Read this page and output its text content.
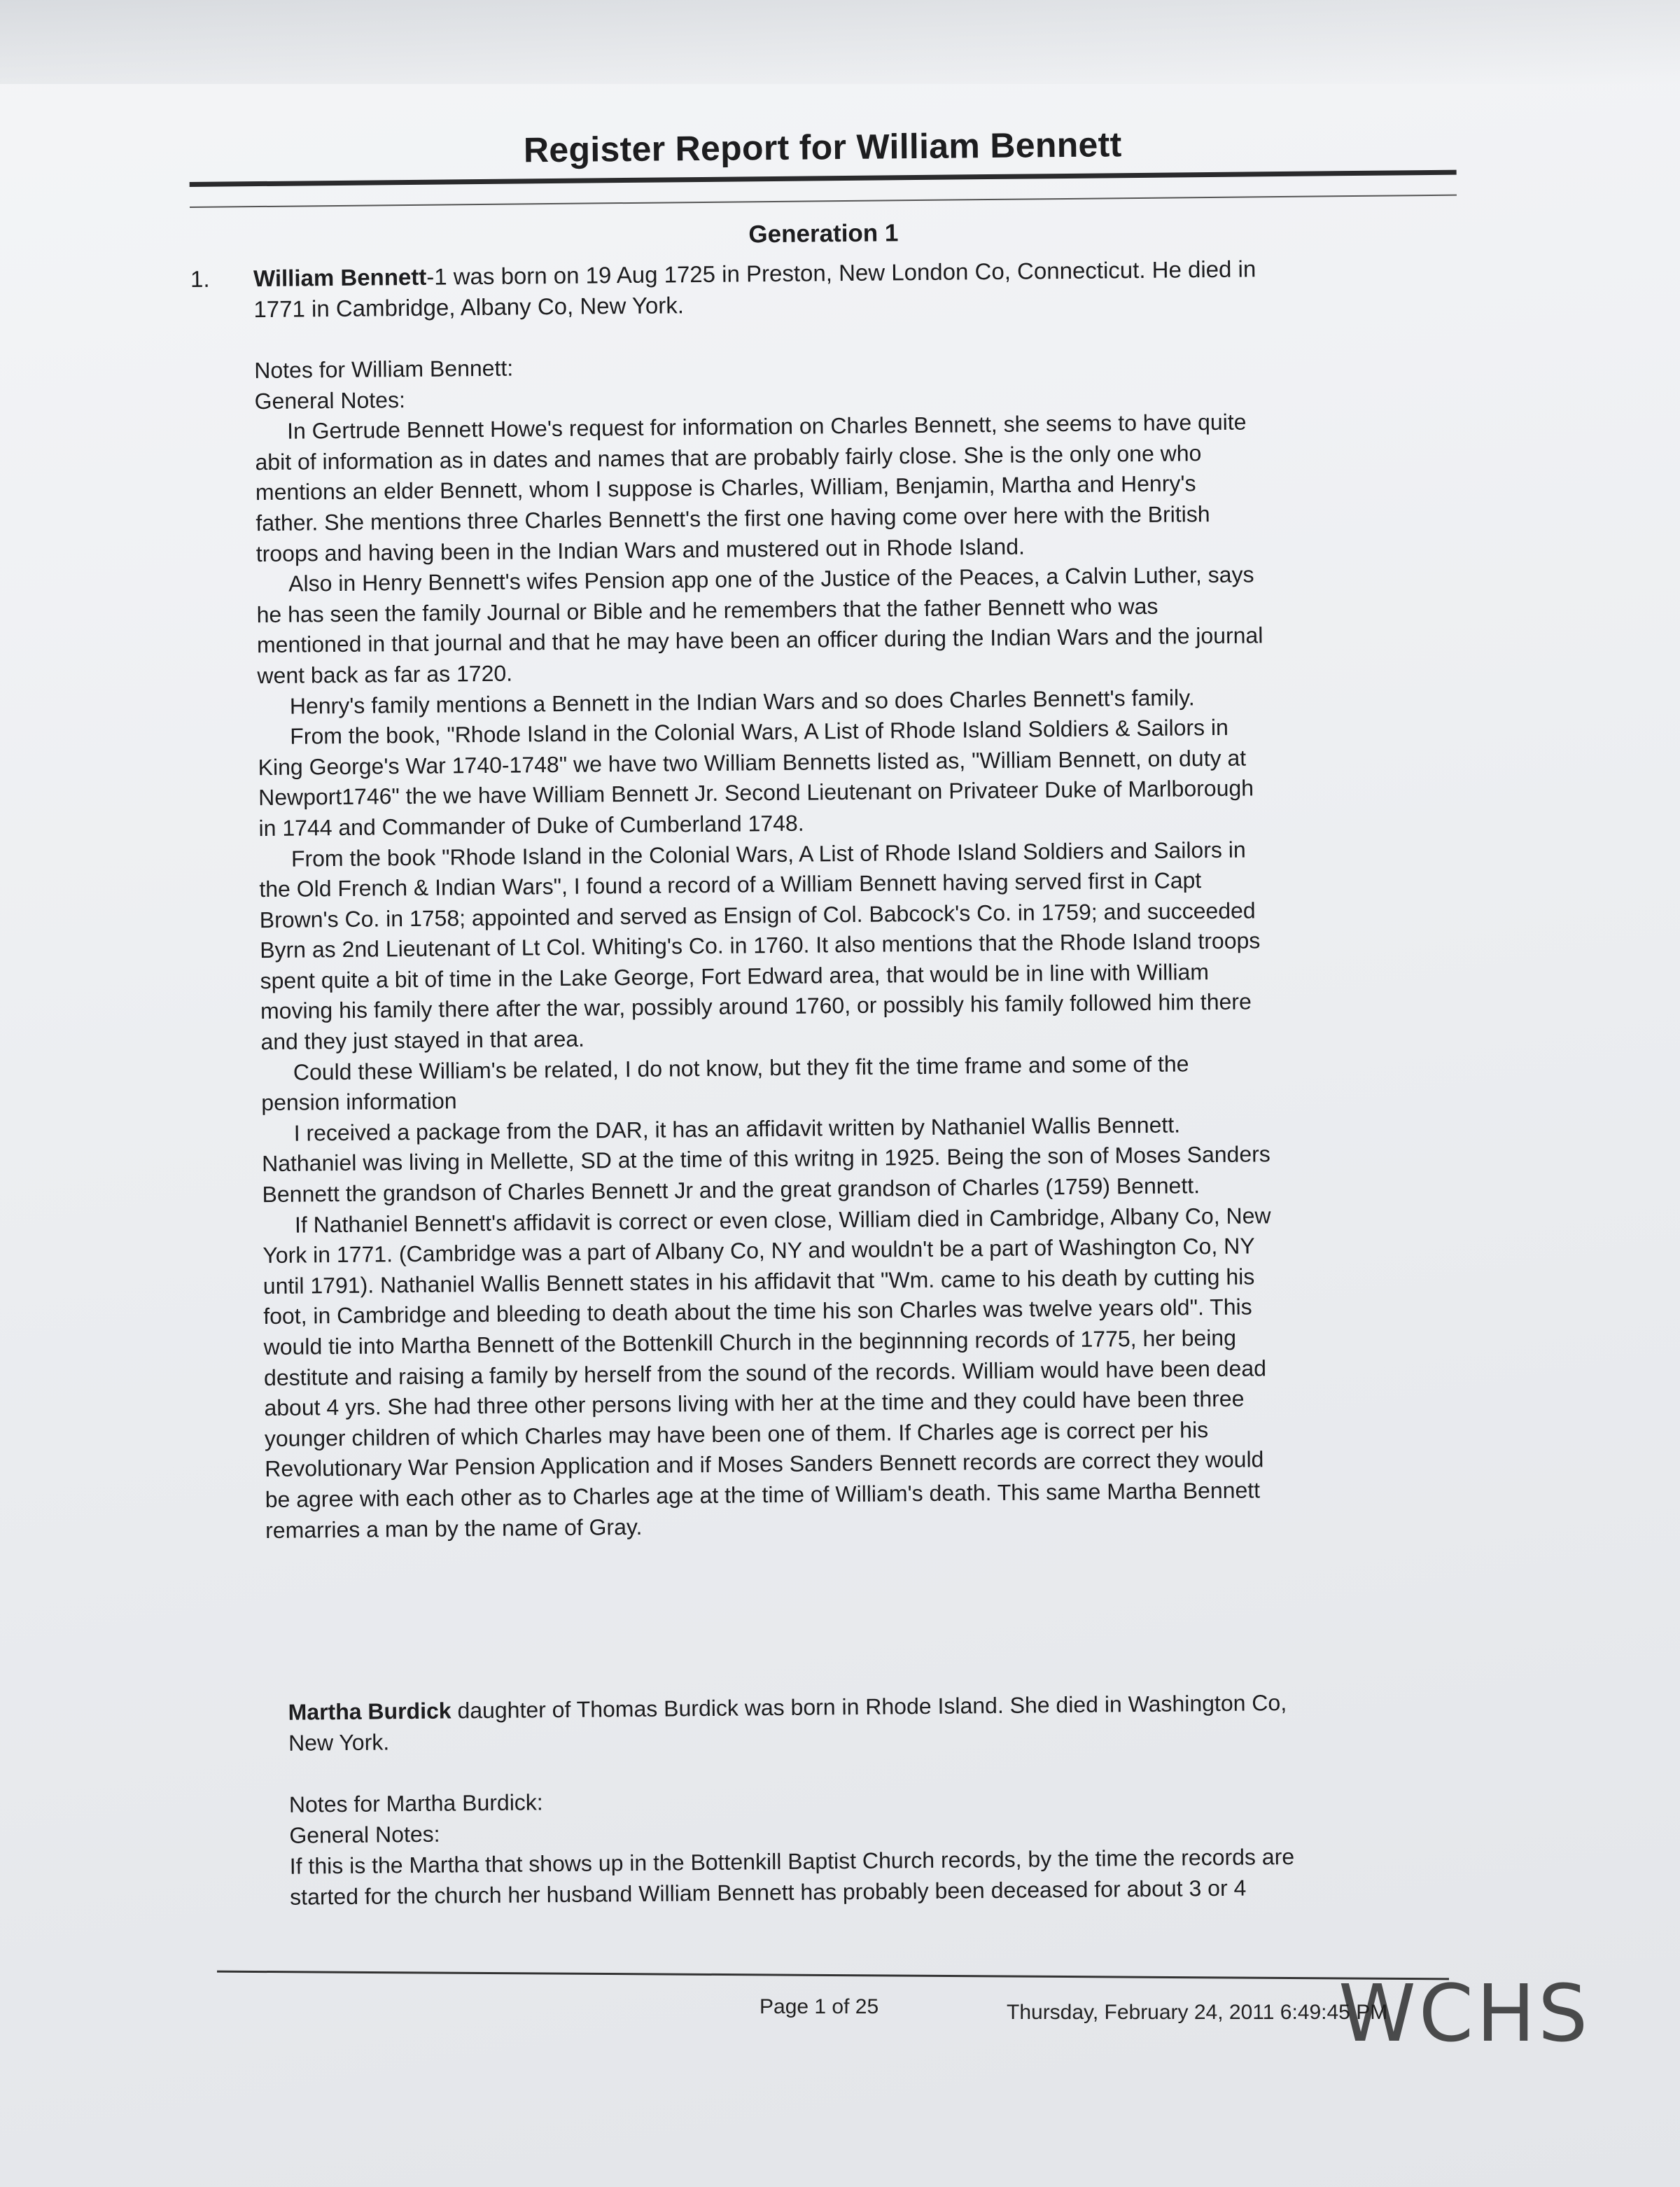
Register Report for William Bennett
Generation 1
1. William Bennett-1 was born on 19 Aug 1725 in Preston, New London Co, Connecticut. He died in
1771 in Cambridge, Albany Co, New York.
Notes for William Bennett:
General Notes:
In Gertrude Bennett Howe's request for information on Charles Bennett, she seems to have quite
abit of information as in dates and names that are probably fairly close. She is the only one who
mentions an elder Bennett, whom I suppose is Charles, William, Benjamin, Martha and Henry's
father. She mentions three Charles Bennett's the first one having come over here with the British
troops and having been in the Indian Wars and mustered out in Rhode Island.
Also in Henry Bennett's wifes Pension app one of the Justice of the Peaces, a Calvin Luther, says
he has seen the family Journal or Bible and he remembers that the father Bennett who was
mentioned in that journal and that he may have been an officer during the Indian Wars and the journal
went back as far as 1720.
Henry's family mentions a Bennett in the Indian Wars and so does Charles Bennett's family.
From the book, "Rhode Island in the Colonial Wars, A List of Rhode Island Soldiers & Sailors in
King George's War 1740-1748" we have two William Bennetts listed as, "William Bennett, on duty at
Newport1746" the we have William Bennett Jr. Second Lieutenant on Privateer Duke of Marlborough
in 1744 and Commander of Duke of Cumberland 1748.
From the book "Rhode Island in the Colonial Wars, A List of Rhode Island Soldiers and Sailors in
the Old French & Indian Wars", I found a record of a William Bennett having served first in Capt
Brown's Co. in 1758; appointed and served as Ensign of Col. Babcock's Co. in 1759; and succeeded
Byrn as 2nd Lieutenant of Lt Col. Whiting's Co. in 1760. It also mentions that the Rhode Island troops
spent quite a bit of time in the Lake George, Fort Edward area, that would be in line with William
moving his family there after the war, possibly around 1760, or possibly his family followed him there
and they just stayed in that area.
Could these William's be related, I do not know, but they fit the time frame and some of the
pension information
I received a package from the DAR, it has an affidavit written by Nathaniel Wallis Bennett.
Nathaniel was living in Mellette, SD at the time of this writng in 1925. Being the son of Moses Sanders
Bennett the grandson of Charles Bennett Jr and the great grandson of Charles (1759) Bennett.
If Nathaniel Bennett's affidavit is correct or even close, William died in Cambridge, Albany Co, New
York in 1771. (Cambridge was a part of Albany Co, NY and wouldn't be a part of Washington Co, NY
until 1791). Nathaniel Wallis Bennett states in his affidavit that "Wm. came to his death by cutting his
foot, in Cambridge and bleeding to death about the time his son Charles was twelve years old". This
would tie into Martha Bennett of the Bottenkill Church in the beginnning records of 1775, her being
destitute and raising a family by herself from the sound of the records. William would have been dead
about 4 yrs. She had three other persons living with her at the time and they could have been three
younger children of which Charles may have been one of them. If Charles age is correct per his
Revolutionary War Pension Application and if Moses Sanders Bennett records are correct they would
be agree with each other as to Charles age at the time of William's death. This same Martha Bennett
remarries a man by the name of Gray.
Martha Burdick daughter of Thomas Burdick was born in Rhode Island. She died in Washington Co,
New York.
Notes for Martha Burdick:
General Notes:
If this is the Martha that shows up in the Bottenkill Baptist Church records, by the time the records are
started for the church her husband William Bennett has probably been deceased for about 3 or 4
Page 1 of 25	Thursday, February 24, 2011 6:49:45 PM
WCHS
